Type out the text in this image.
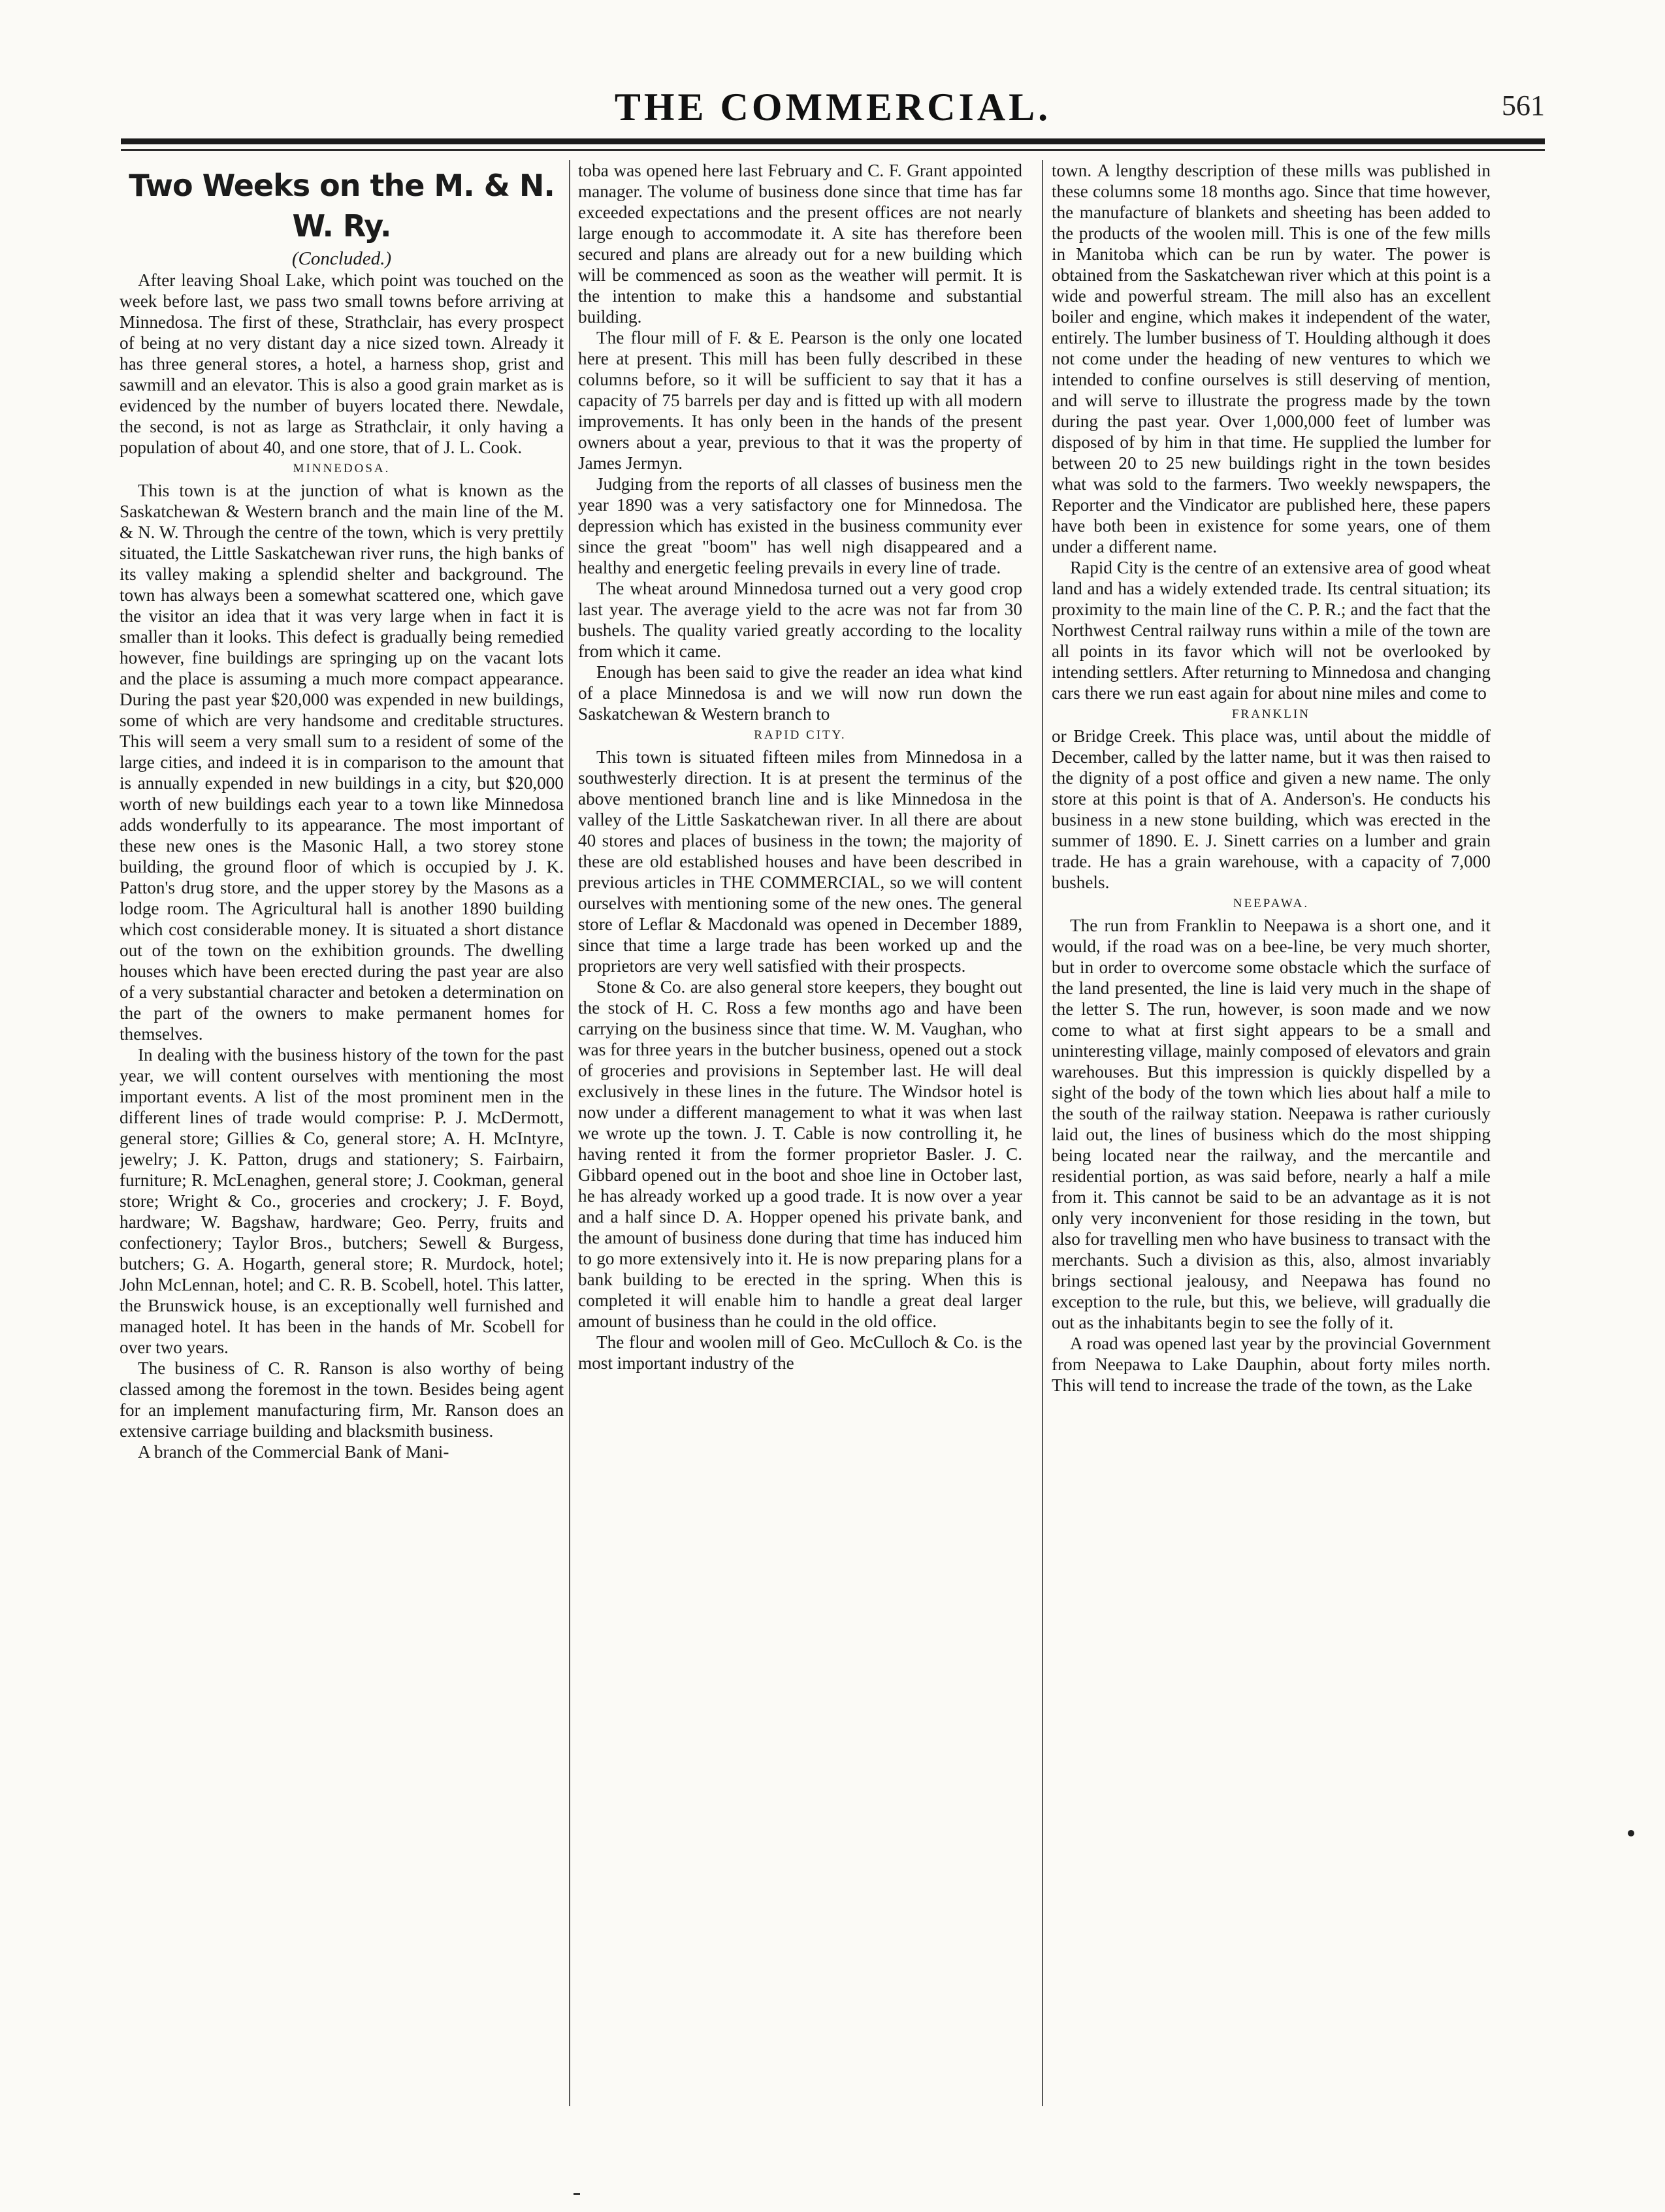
THE COMMERCIAL.	561
Two Weeks on the M. & N. W. Ry.
(Concluded.)

After leaving Shoal Lake, which point was touched on the week before last, we pass two small towns before arriving at Minnedosa. The first of these, Strathclair, has every prospect of being at no very distant day a nice sized town. Already it has three general stores, a hotel, a harness shop, grist and sawmill and an elevator. This is also a good grain market as is evidenced by the number of buyers located there. Newdale, the second, is not as large as Strathclair, it only having a population of about 40, and one store, that of J. L. Cook.

MINNEDOSA.

This town is at the junction of what is known as the Saskatchewan & Western branch and the main line of the M. & N. W. Through the centre of the town, which is very prettily situated, the Little Saskatchewan river runs, the high banks of its valley making a splendid shelter and background. The town has always been a somewhat scattered one, which gave the visitor an idea that it was very large when in fact it is smaller than it looks. This defect is gradually being remedied however, fine buildings are springing up on the vacant lots and the place is assuming a much more compact appearance. During the past year $20,000 was expended in new buildings, some of which are very handsome and creditable structures. This will seem a very small sum to a resident of some of the large cities, and indeed it is in comparison to the amount that is annually expended in new buildings in a city, but $20,000 worth of new buildings each year to a town like Minnedosa adds wonderfully to its appearance. The most important of these new ones is the Masonic Hall, a two storey stone building, the ground floor of which is occupied by J. K. Patton's drug store, and the upper storey by the Masons as a lodge room. The Agricultural hall is another 1890 building which cost considerable money. It is situated a short distance out of the town on the exhibition grounds. The dwelling houses which have been erected during the past year are also of a very substantial character and betoken a determination on the part of the owners to make permanent homes for themselves.

In dealing with the business history of the town for the past year, we will content ourselves with mentioning the most important events. A list of the most prominent men in the different lines of trade would comprise: P. J. McDermott, general store; Gillies & Co, general store; A. H. McIntyre, jewelry; J. K. Patton, drugs and stationery; S. Fairbairn, furniture; R. McLenaghen, general store; J. Cookman, general store; Wright & Co., groceries and crockery; J. F. Boyd, hardware; W. Bagshaw, hardware; Geo. Perry, fruits and confectionery; Taylor Bros., butchers; Sewell & Burgess, butchers; G. A. Hogarth, general store; R. Murdock, hotel; John McLennan, hotel; and C. R. B. Scobell, hotel. This latter, the Brunswick house, is an exceptionally well furnished and managed hotel. It has been in the hands of Mr. Scobell for over two years.

The business of C. R. Ranson is also worthy of being classed among the foremost in the town. Besides being agent for an implement manufacturing firm, Mr. Ranson does an extensive carriage building and blacksmith business.

A branch of the Commercial Bank of Mani-

toba was opened here last February and C. F. Grant appointed manager. The volume of business done since that time has far exceeded expectations and the present offices are not nearly large enough to accommodate it. A site has therefore been secured and plans are already out for a new building which will be commenced as soon as the weather will permit. It is the intention to make this a handsome and substantial building.

The flour mill of F. & E. Pearson is the only one located here at present. This mill has been fully described in these columns before, so it will be sufficient to say that it has a capacity of 75 barrels per day and is fitted up with all modern improvements. It has only been in the hands of the present owners about a year, previous to that it was the property of James Jermyn.

Judging from the reports of all classes of business men the year 1890 was a very satisfactory one for Minnedosa. The depression which has existed in the business community ever since the great "boom" has well nigh disappeared and a healthy and energetic feeling prevails in every line of trade.

The wheat around Minnedosa turned out a very good crop last year. The average yield to the acre was not far from 30 bushels. The quality varied greatly according to the locality from which it came.

Enough has been said to give the reader an idea what kind of a place Minnedosa is and we will now run down the Saskatchewan & Western branch to

RAPID CITY.

This town is situated fifteen miles from Minnedosa in a southwesterly direction. It is at present the terminus of the above mentioned branch line and is like Minnedosa in the valley of the Little Saskatchewan river. In all there are about 40 stores and places of business in the town; the majority of these are old established houses and have been described in previous articles in THE COMMERCIAL, so we will content ourselves with mentioning some of the new ones. The general store of Leflar & Macdonald was opened in December 1889, since that time a large trade has been worked up and the proprietors are very well satisfied with their prospects.

Stone & Co. are also general store keepers, they bought out the stock of H. C. Ross a few months ago and have been carrying on the business since that time. W. M. Vaughan, who was for three years in the butcher business, opened out a stock of groceries and provisions in September last. He will deal exclusively in these lines in the future. The Windsor hotel is now under a different management to what it was when last we wrote up the town. J. T. Cable is now controlling it, he having rented it from the former proprietor Basler. J. C. Gibbard opened out in the boot and shoe line in October last, he has already worked up a good trade. It is now over a year and a half since D. A. Hopper opened his private bank, and the amount of business done during that time has induced him to go more extensively into it. He is now preparing plans for a bank building to be erected in the spring. When this is completed it will enable him to handle a great deal larger amount of business than he could in the old office.

The flour and woolen mill of Geo. McCulloch & Co. is the most important industry of the

town. A lengthy description of these mills was published in these columns some 18 months ago. Since that time however, the manufacture of blankets and sheeting has been added to the products of the woolen mill. This is one of the few mills in Manitoba which can be run by water. The power is obtained from the Saskatchewan river which at this point is a wide and powerful stream. The mill also has an excellent boiler and engine, which makes it independent of the water, entirely. The lumber business of T. Houlding although it does not come under the heading of new ventures to which we intended to confine ourselves is still deserving of mention, and will serve to illustrate the progress made by the town during the past year. Over 1,000,000 feet of lumber was disposed of by him in that time. He supplied the lumber for between 20 to 25 new buildings right in the town besides what was sold to the farmers. Two weekly newspapers, the Reporter and the Vindicator are published here, these papers have both been in existence for some years, one of them under a different name.

Rapid City is the centre of an extensive area of good wheat land and has a widely extended trade. Its central situation; its proximity to the main line of the C. P. R.; and the fact that the Northwest Central railway runs within a mile of the town are all points in its favor which will not be overlooked by intending settlers. After returning to Minnedosa and changing cars there we run east again for about nine miles and come to

FRANKLIN

or Bridge Creek. This place was, until about the middle of December, called by the latter name, but it was then raised to the dignity of a post office and given a new name. The only store at this point is that of A. Anderson's. He conducts his business in a new stone building, which was erected in the summer of 1890. E. J. Sinett carries on a lumber and grain trade. He has a grain warehouse, with a capacity of 7,000 bushels.

NEEPAWA.

The run from Franklin to Neepawa is a short one, and it would, if the road was on a bee-line, be very much shorter, but in order to overcome some obstacle which the surface of the land presented, the line is laid very much in the shape of the letter S. The run, however, is soon made and we now come to what at first sight appears to be a small and uninteresting village, mainly composed of elevators and grain warehouses. But this impression is quickly dispelled by a sight of the body of the town which lies about half a mile to the south of the railway station. Neepawa is rather curiously laid out, the lines of business which do the most shipping being located near the railway, and the mercantile and residential portion, as was said before, nearly a half a mile from it. This cannot be said to be an advantage as it is not only very inconvenient for those residing in the town, but also for travelling men who have business to transact with the merchants. Such a division as this, also, almost invariably brings sectional jealousy, and Neepawa has found no exception to the rule, but this, we believe, will gradually die out as the inhabitants begin to see the folly of it.

A road was opened last year by the provincial Government from Neepawa to Lake Dauphin, about forty miles north. This will tend to increase the trade of the town, as the Lake
